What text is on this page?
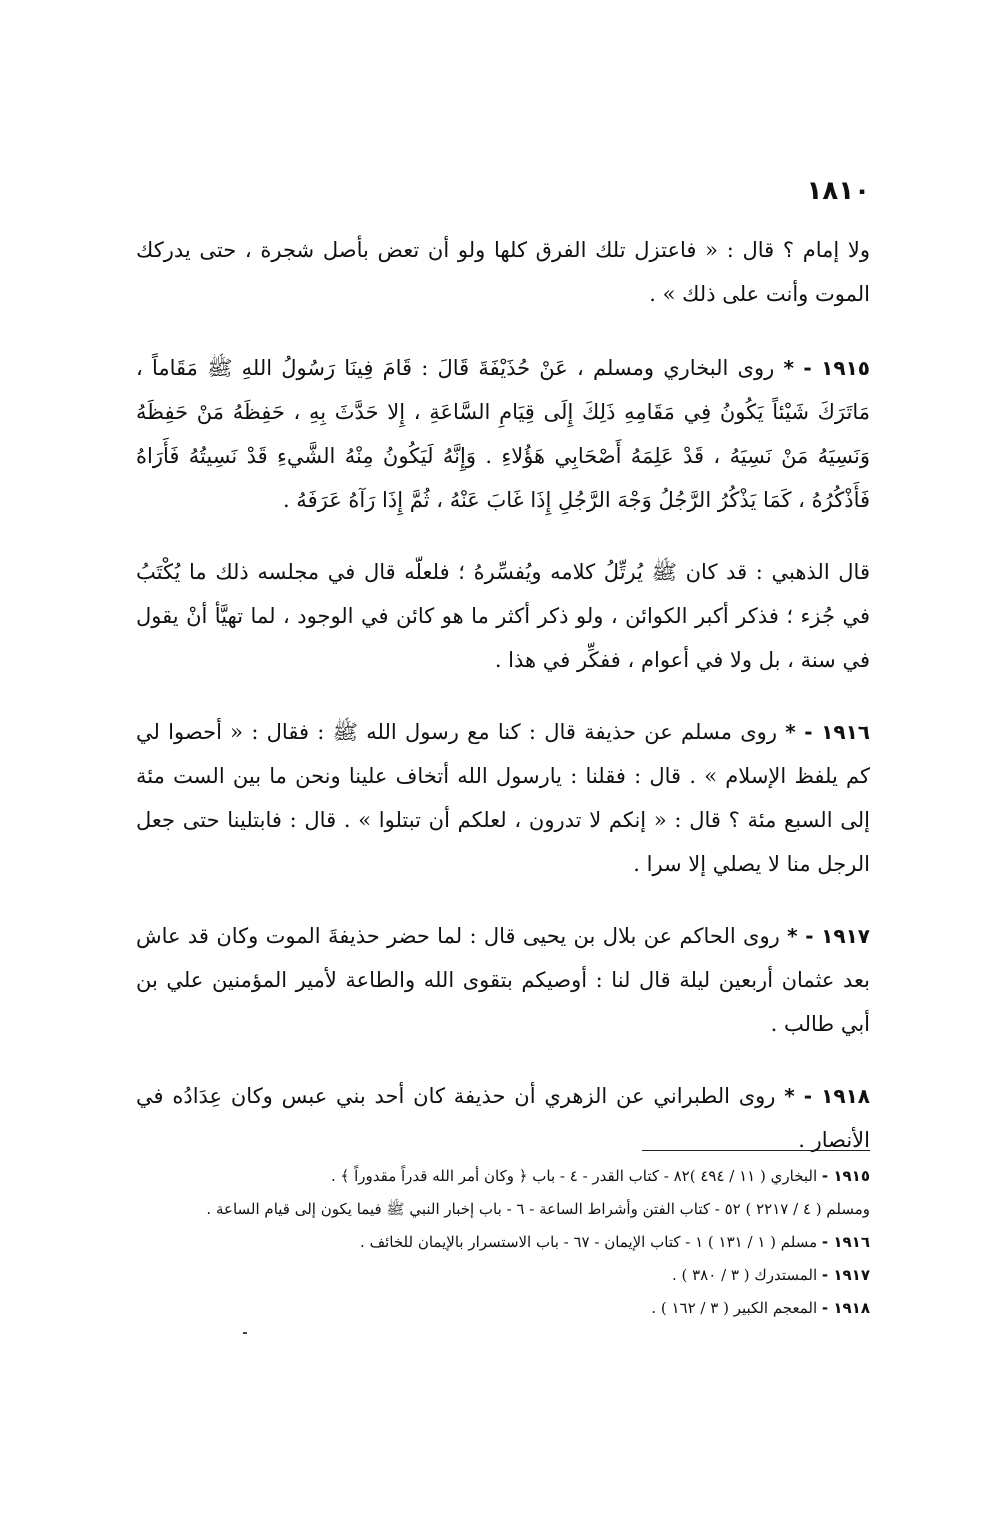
١٨١٠

ولا إمام ؟ قال : « فاعتزل تلك الفرق كلها ولو أن تعض بأصل شجرة ، حتى يدركك الموت وأنت على ذلك » .

١٩١٥ - * روى البخاري ومسلم ، عَنْ حُذَيْفَةَ قَالَ : قَامَ فِينَا رَسُولُ اللهِ ﷺ مَقَاماً ، مَاتَرَكَ شَيْئاً يَكُونُ فِي مَقَامِهِ ذَلِكَ إِلَى قِيَامِ السَّاعَةِ ، إِلا حَدَّثَ بِهِ ، حَفِظَهُ مَنْ حَفِظَهُ وَنَسِيَهُ مَنْ نَسِيَهُ ، قَدْ عَلِمَهُ أَصْحَابِي هَؤُلاءِ . وَإِنَّهُ لَيَكُونُ مِنْهُ الشَّيءِ قَدْ نَسِيتُهُ فَأَرَاهُ فَأَذْكُرُهُ ، كَمَا يَذْكُرُ الرَّجُلُ وَجْهَ الرَّجُلِ إِذَا غَابَ عَنْهُ ، ثُمَّ إِذَا رَآهُ عَرَفَهُ .

قال الذهبي : قد كان ﷺ يُرتِّلُ كلامه ويُفسِّرهُ ؛ فلعلّه قال في مجلسه ذلك ما يُكْتَبُ في جُزء ؛ فذكر أكبر الكوائن ، ولو ذكر أكثر ما هو كائن في الوجود ، لما تهيَّأ أنْ يقول في سنة ، بل ولا في أعوام ، ففكِّر في هذا .

١٩١٦ - * روى مسلم عن حذيفة قال : كنا مع رسول الله ﷺ : فقال : « أحصوا لي كم يلفظ الإسلام » . قال : فقلنا : يارسول الله أتخاف علينا ونحن ما بين الست مئة إلى السبع مئة ؟ قال : « إنكم لا تدرون ، لعلكم أن تبتلوا » . قال : فابتلينا حتى جعل الرجل منا لا يصلي إلا سرا .

١٩١٧ - * روى الحاكم عن بلال بن يحيى قال : لما حضر حذيفةَ الموت وكان قد عاش بعد عثمان أربعين ليلة قال لنا : أوصيكم بتقوى الله والطاعة لأمير المؤمنين علي بن أبي طالب .

١٩١٨ - * روى الطبراني عن الزهري أن حذيفة كان أحد بني عبس وكان عِدَادُه في الأنصار .

١٩١٥ - البخاري ( ١١ / ٤٩٤ )٨٢ - كتاب القدر - ٤ - باب ﴿ وكان أمر الله قدراً مقدوراً ﴾ .
ومسلم ( ٤ / ٢٢١٧ ) ٥٢ - كتاب الفتن وأشراط الساعة - ٦ - باب إخبار النبي ﷺ فيما يكون إلى قيام الساعة .
١٩١٦ - مسلم ( ١ / ١٣١ ) ١ - كتاب الإيمان - ٦٧ - باب الاستسرار بالإيمان للخائف .
١٩١٧ - المستدرك ( ٣ / ٣٨٠ ) .
١٩١٨ - المعجم الكبير ( ٣ / ١٦٢ ) .
